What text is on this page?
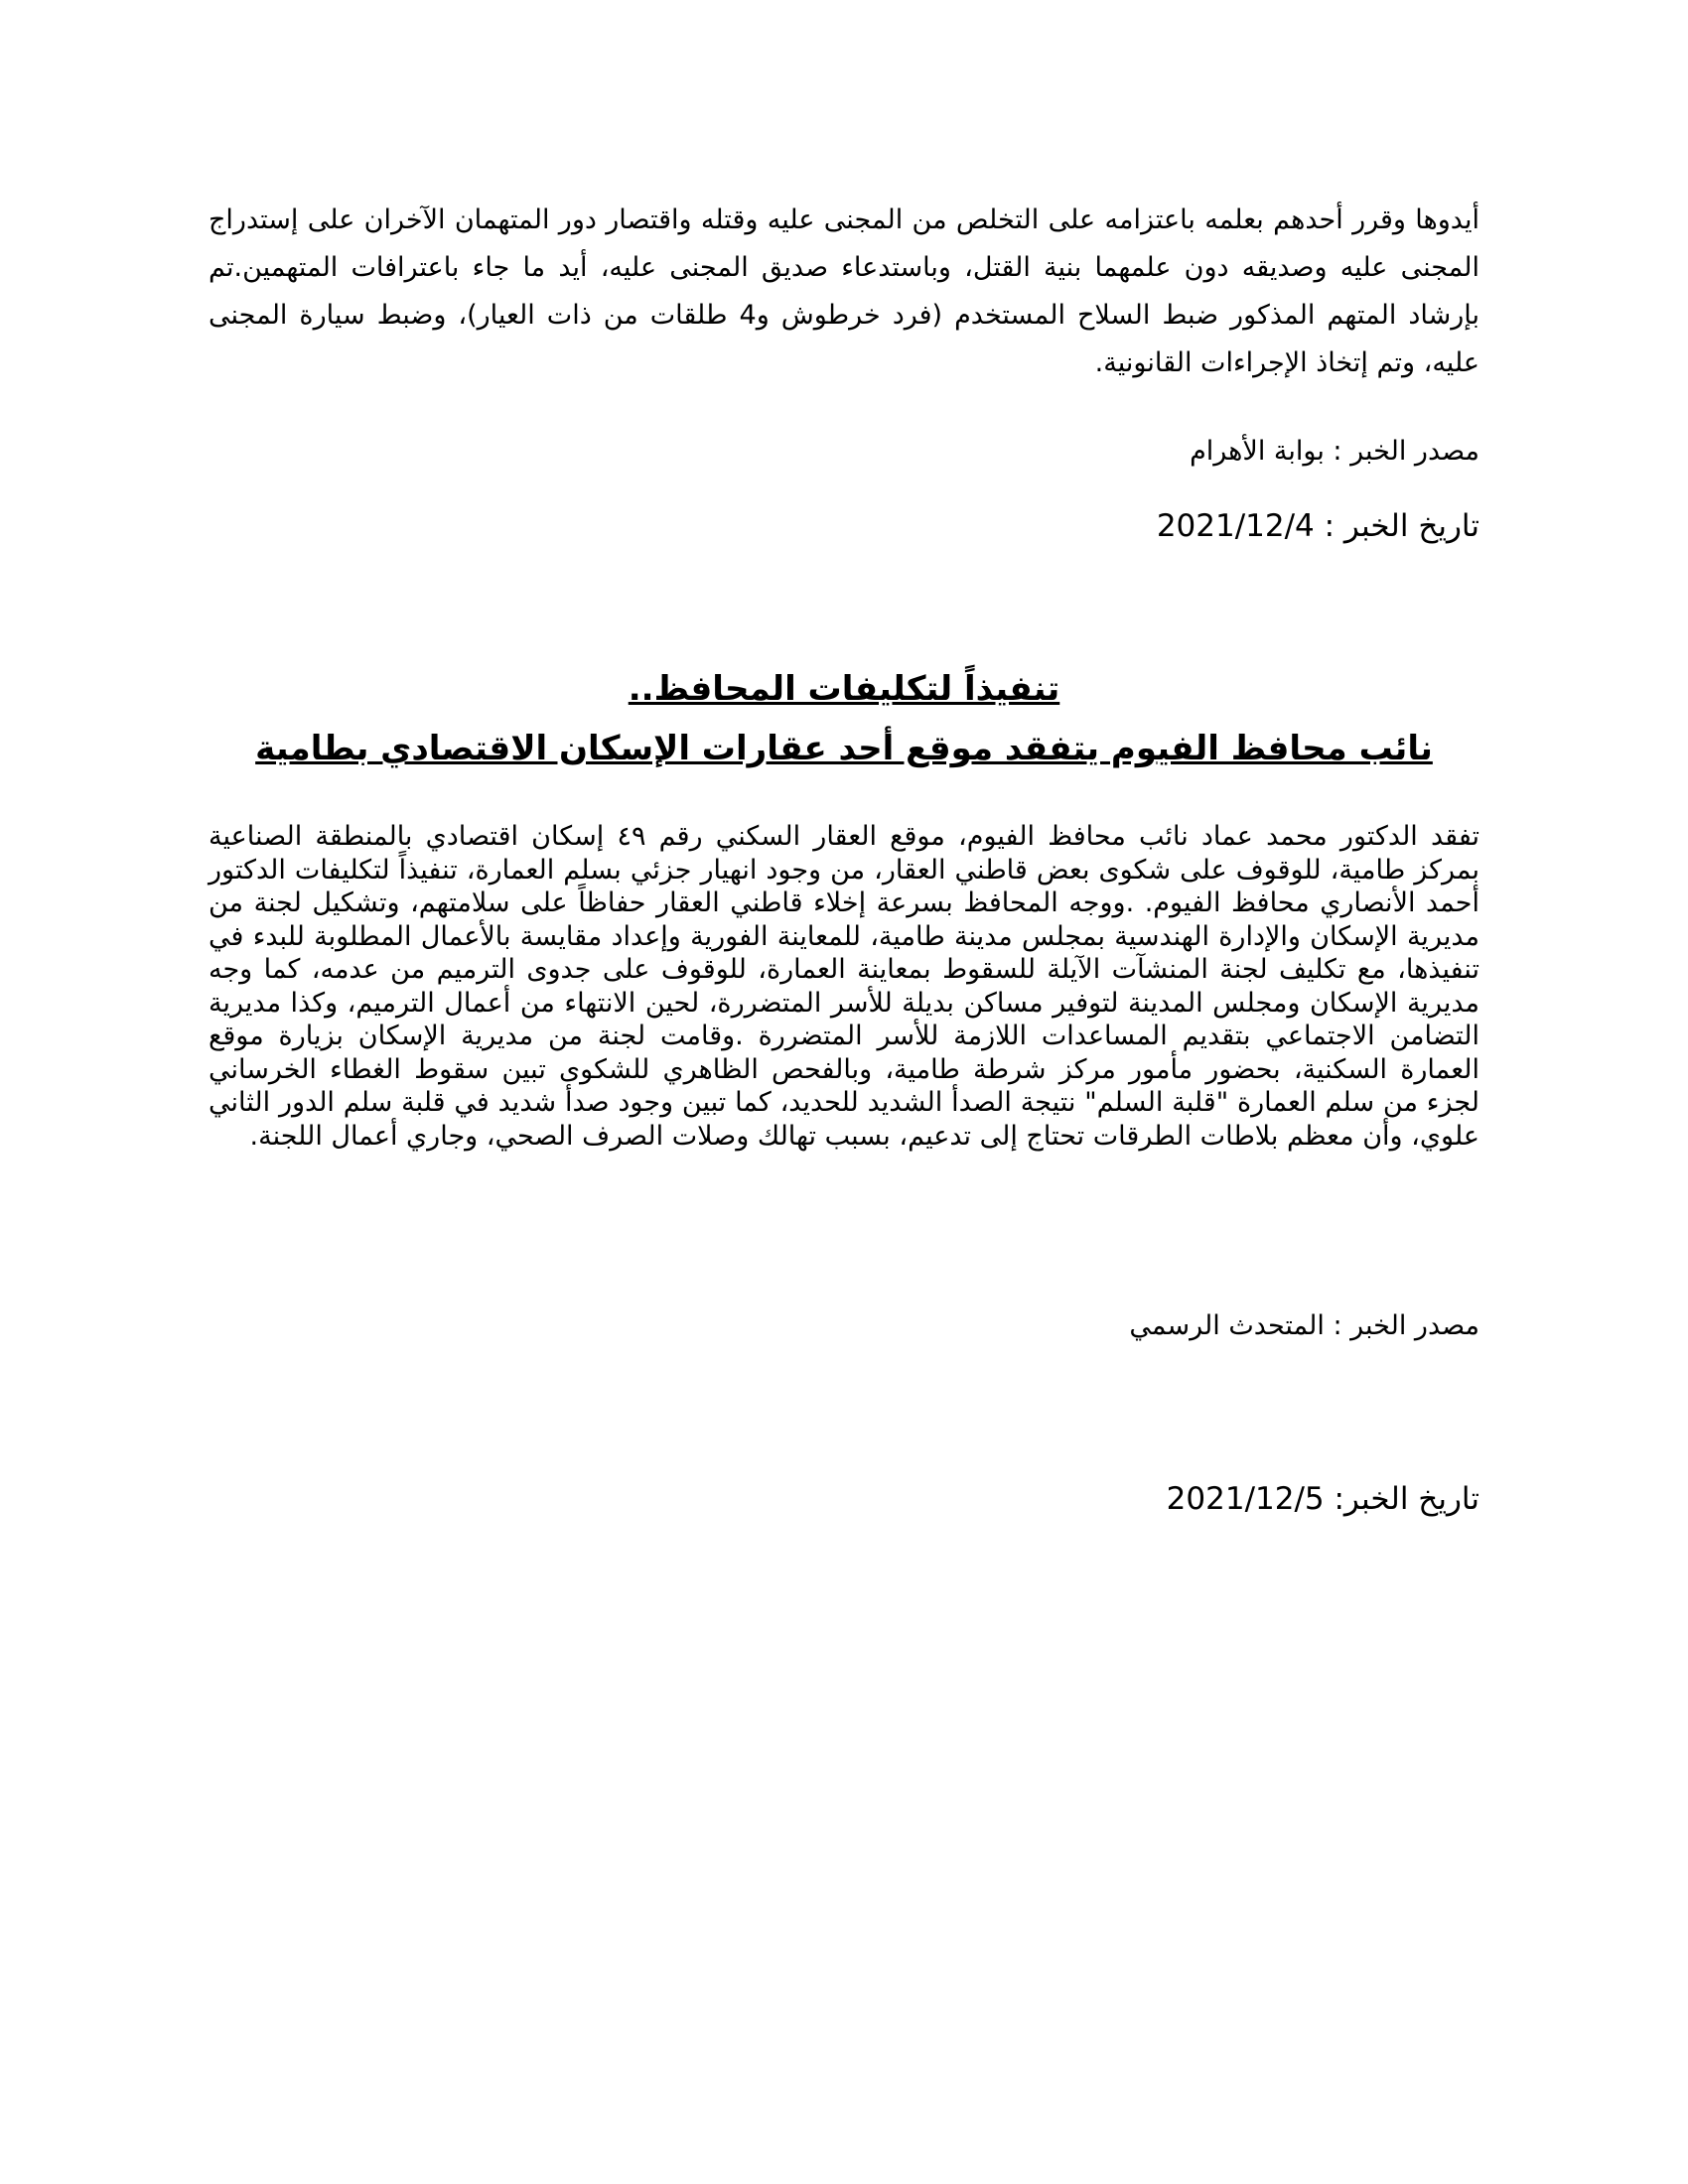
أيدوها وقرر أحدهم بعلمه باعتزامه على التخلص من المجنى عليه وقتله واقتصار دور المتهمان الآخران على إستدراج المجنى عليه وصديقه دون علمهما بنية القتل، وباستدعاء صديق المجنى عليه، أيد ما جاء باعترافات المتهمين.تم بإرشاد المتهم المذكور ضبط السلاح المستخدم (فرد خرطوش و4 طلقات من ذات العيار)، وضبط سيارة المجنى عليه، وتم إتخاذ الإجراءات القانونية.

مصدر الخبر : بوابة الأهرام
تاريخ الخبر : 2021/12/4
تنفيذاً لتكليفات المحافظ..
نائب محافظ الفيوم يتفقد موقع أحد عقارات الإسكان الاقتصادي بطامية

تفقد الدكتور محمد عماد نائب محافظ الفيوم، موقع العقار السكني رقم ٤٩ إسكان اقتصادي بالمنطقة الصناعية بمركز طامية، للوقوف على شكوى بعض قاطني العقار، من وجود انهيار جزئي بسلم العمارة، تنفيذاً لتكليفات الدكتور أحمد الأنصاري محافظ الفيوم. .ووجه المحافظ بسرعة إخلاء قاطني العقار حفاظاً على سلامتهم، وتشكيل لجنة من مديرية الإسكان والإدارة الهندسية بمجلس مدينة طامية، للمعاينة الفورية وإعداد مقايسة بالأعمال المطلوبة للبدء في تنفيذها، مع تكليف لجنة المنشآت الآيلة للسقوط بمعاينة العمارة، للوقوف على جدوى الترميم من عدمه، كما وجه مديرية الإسكان ومجلس المدينة لتوفير مساكن بديلة للأسر المتضررة، لحين الانتهاء من أعمال الترميم، وكذا مديرية التضامن الاجتماعي بتقديم المساعدات اللازمة للأسر المتضررة .وقامت لجنة من مديرية الإسكان بزيارة موقع العمارة السكنية، بحضور مأمور مركز شرطة طامية، وبالفحص الظاهري للشكوى تبين سقوط الغطاء الخرساني لجزء من سلم العمارة "قلبة السلم" نتيجة الصدأ الشديد للحديد، كما تبين وجود صدأ شديد في قلبة سلم الدور الثاني علوي، وأن معظم بلاطات الطرقات تحتاج إلى تدعيم، بسبب تهالك وصلات الصرف الصحي، وجاري أعمال اللجنة.

مصدر الخبر : المتحدث الرسمي
تاريخ الخبر: 2021/12/5
